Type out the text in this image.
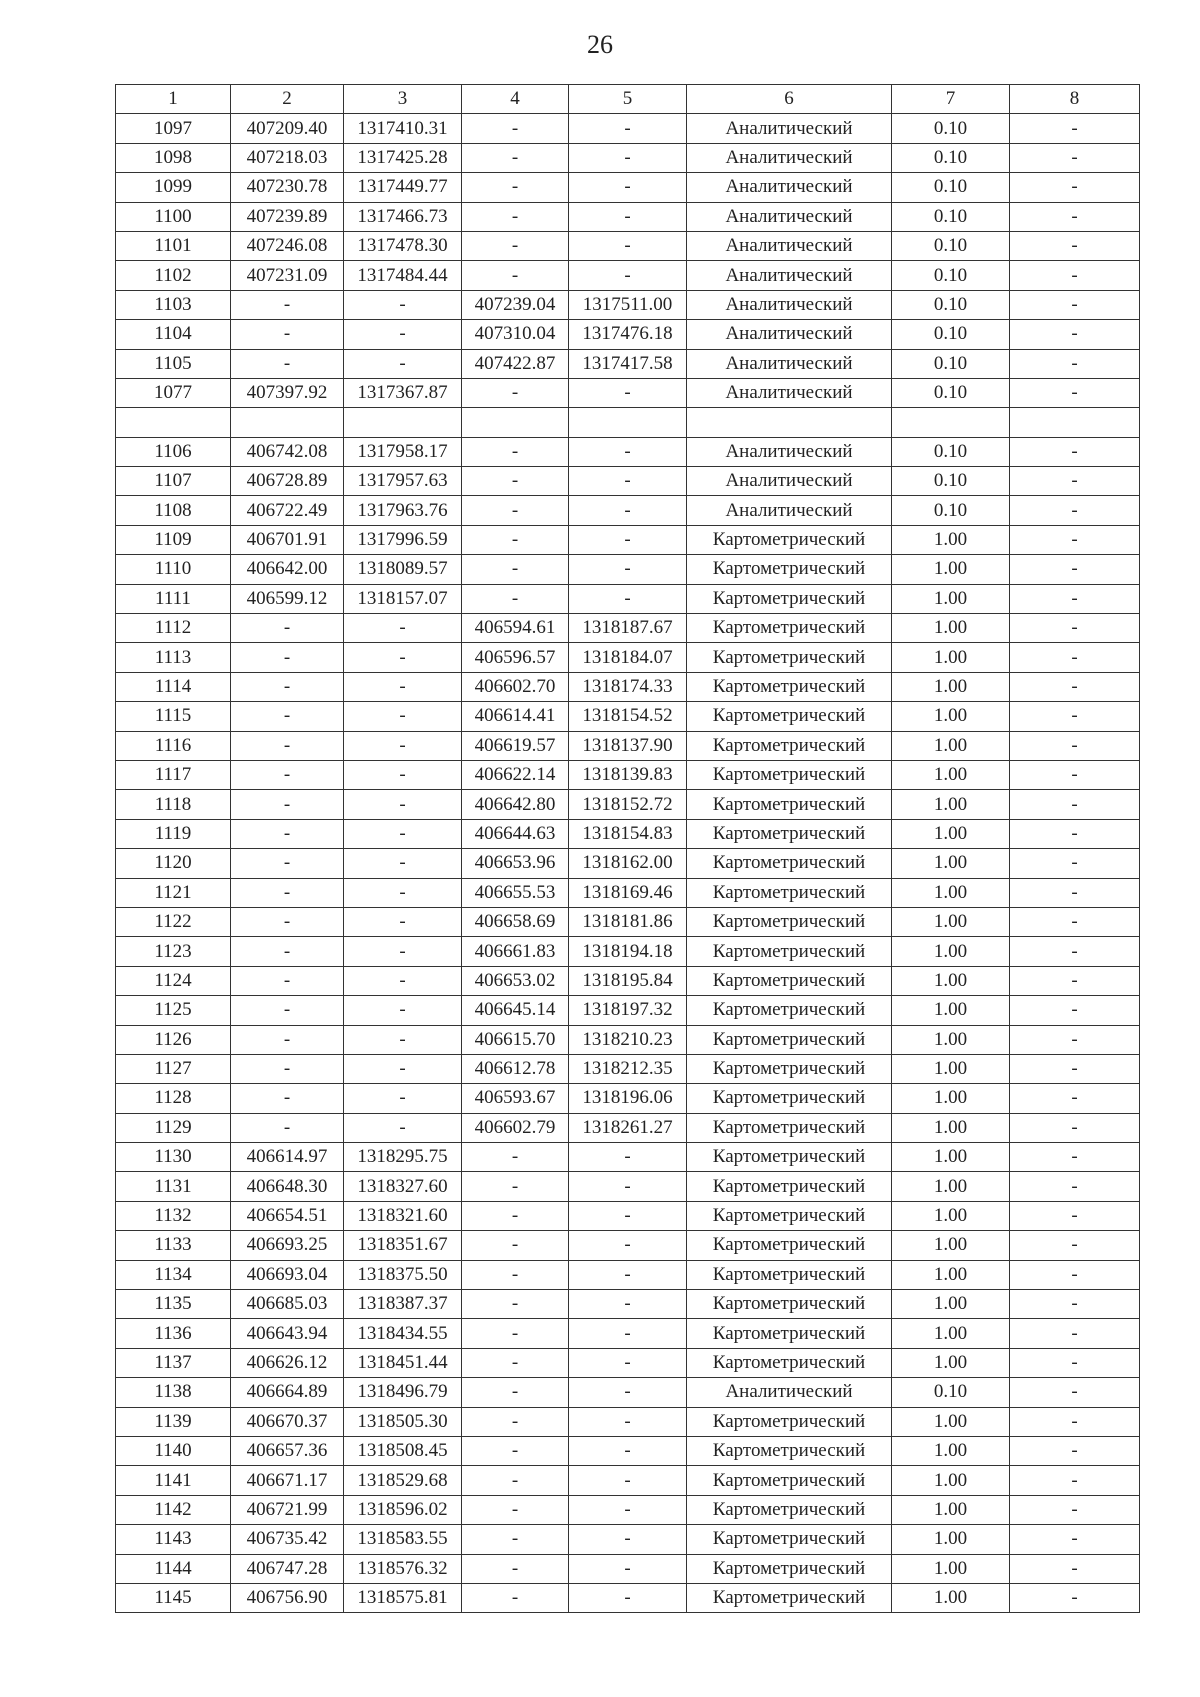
26
1	2	3	4	5	6	7	8
1097	407209.40	1317410.31	-	-	Аналитический	0.10	-
1098	407218.03	1317425.28	-	-	Аналитический	0.10	-
1099	407230.78	1317449.77	-	-	Аналитический	0.10	-
1100	407239.89	1317466.73	-	-	Аналитический	0.10	-
1101	407246.08	1317478.30	-	-	Аналитический	0.10	-
1102	407231.09	1317484.44	-	-	Аналитический	0.10	-
1103	-	-	407239.04	1317511.00	Аналитический	0.10	-
1104	-	-	407310.04	1317476.18	Аналитический	0.10	-
1105	-	-	407422.87	1317417.58	Аналитический	0.10	-
1077	407397.92	1317367.87	-	-	Аналитический	0.10	-

1106	406742.08	1317958.17	-	-	Аналитический	0.10	-
1107	406728.89	1317957.63	-	-	Аналитический	0.10	-
1108	406722.49	1317963.76	-	-	Аналитический	0.10	-
1109	406701.91	1317996.59	-	-	Картометрический	1.00	-
1110	406642.00	1318089.57	-	-	Картометрический	1.00	-
1111	406599.12	1318157.07	-	-	Картометрический	1.00	-
1112	-	-	406594.61	1318187.67	Картометрический	1.00	-
1113	-	-	406596.57	1318184.07	Картометрический	1.00	-
1114	-	-	406602.70	1318174.33	Картометрический	1.00	-
1115	-	-	406614.41	1318154.52	Картометрический	1.00	-
1116	-	-	406619.57	1318137.90	Картометрический	1.00	-
1117	-	-	406622.14	1318139.83	Картометрический	1.00	-
1118	-	-	406642.80	1318152.72	Картометрический	1.00	-
1119	-	-	406644.63	1318154.83	Картометрический	1.00	-
1120	-	-	406653.96	1318162.00	Картометрический	1.00	-
1121	-	-	406655.53	1318169.46	Картометрический	1.00	-
1122	-	-	406658.69	1318181.86	Картометрический	1.00	-
1123	-	-	406661.83	1318194.18	Картометрический	1.00	-
1124	-	-	406653.02	1318195.84	Картометрический	1.00	-
1125	-	-	406645.14	1318197.32	Картометрический	1.00	-
1126	-	-	406615.70	1318210.23	Картометрический	1.00	-
1127	-	-	406612.78	1318212.35	Картометрический	1.00	-
1128	-	-	406593.67	1318196.06	Картометрический	1.00	-
1129	-	-	406602.79	1318261.27	Картометрический	1.00	-
1130	406614.97	1318295.75	-	-	Картометрический	1.00	-
1131	406648.30	1318327.60	-	-	Картометрический	1.00	-
1132	406654.51	1318321.60	-	-	Картометрический	1.00	-
1133	406693.25	1318351.67	-	-	Картометрический	1.00	-
1134	406693.04	1318375.50	-	-	Картометрический	1.00	-
1135	406685.03	1318387.37	-	-	Картометрический	1.00	-
1136	406643.94	1318434.55	-	-	Картометрический	1.00	-
1137	406626.12	1318451.44	-	-	Картометрический	1.00	-
1138	406664.89	1318496.79	-	-	Аналитический	0.10	-
1139	406670.37	1318505.30	-	-	Картометрический	1.00	-
1140	406657.36	1318508.45	-	-	Картометрический	1.00	-
1141	406671.17	1318529.68	-	-	Картометрический	1.00	-
1142	406721.99	1318596.02	-	-	Картометрический	1.00	-
1143	406735.42	1318583.55	-	-	Картометрический	1.00	-
1144	406747.28	1318576.32	-	-	Картометрический	1.00	-
1145	406756.90	1318575.81	-	-	Картометрический	1.00	-
